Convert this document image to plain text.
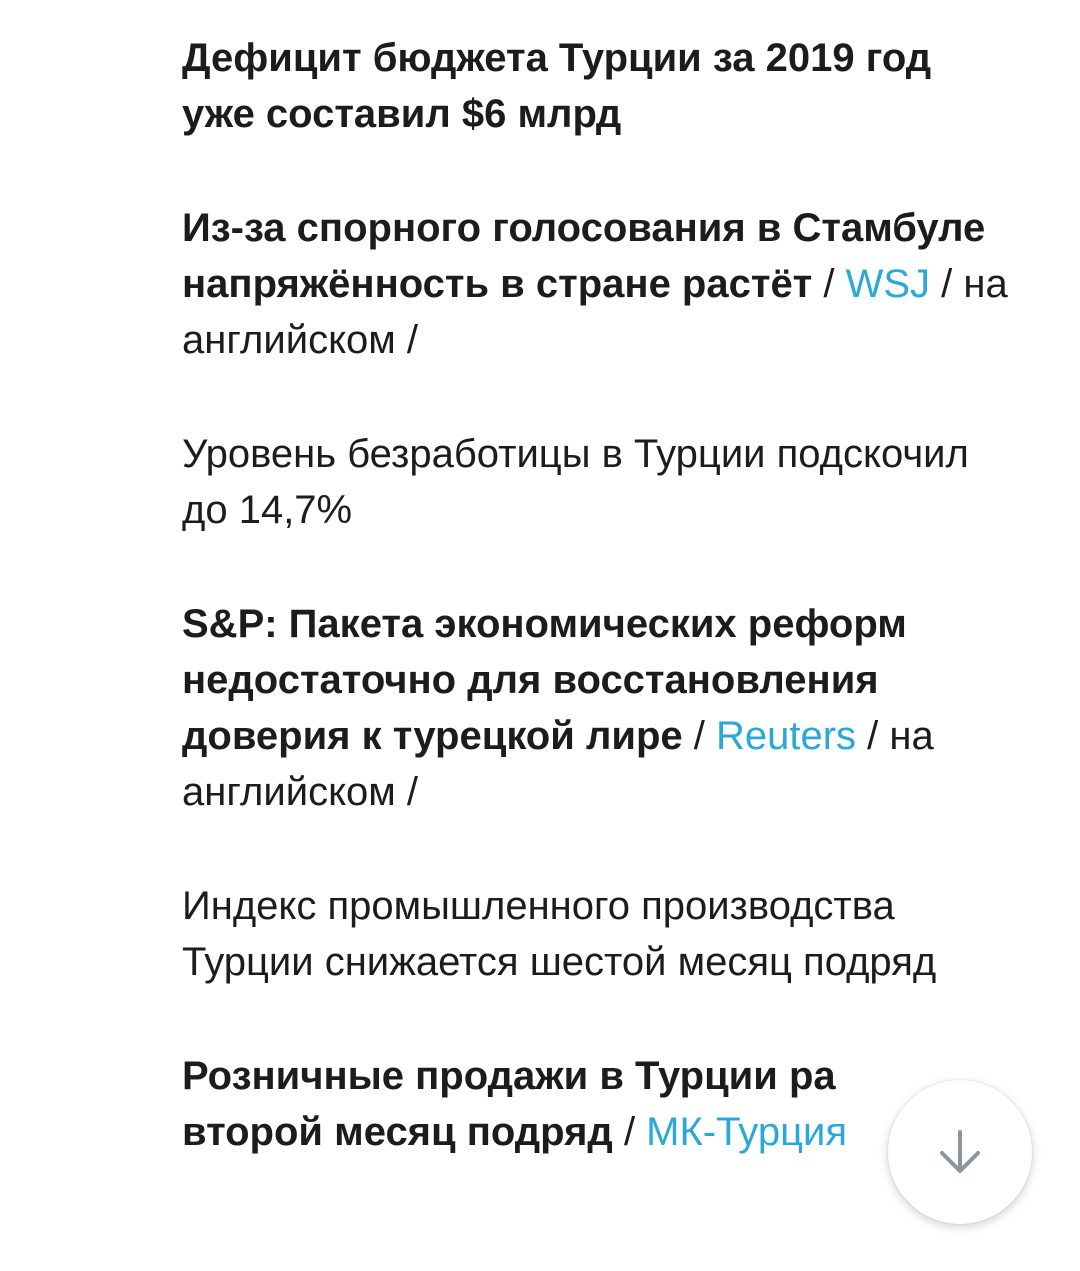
Дефицит бюджета Турции за 2019 год уже составил $6 млрд
Из-за спорного голосования в Стамбуле напряжённость в стране растёт / WSJ / на английском /
Уровень безработицы в Турции подскочил до 14,7%
S&P: Пакета экономических реформ недостаточно для восстановления доверия к турецкой лире / Reuters / на английском /
Индекс промышленного производства Турции снижается шестой месяц подряд
Розничные продажи в Турции ра
второй месяц подряд / МК-Турция
